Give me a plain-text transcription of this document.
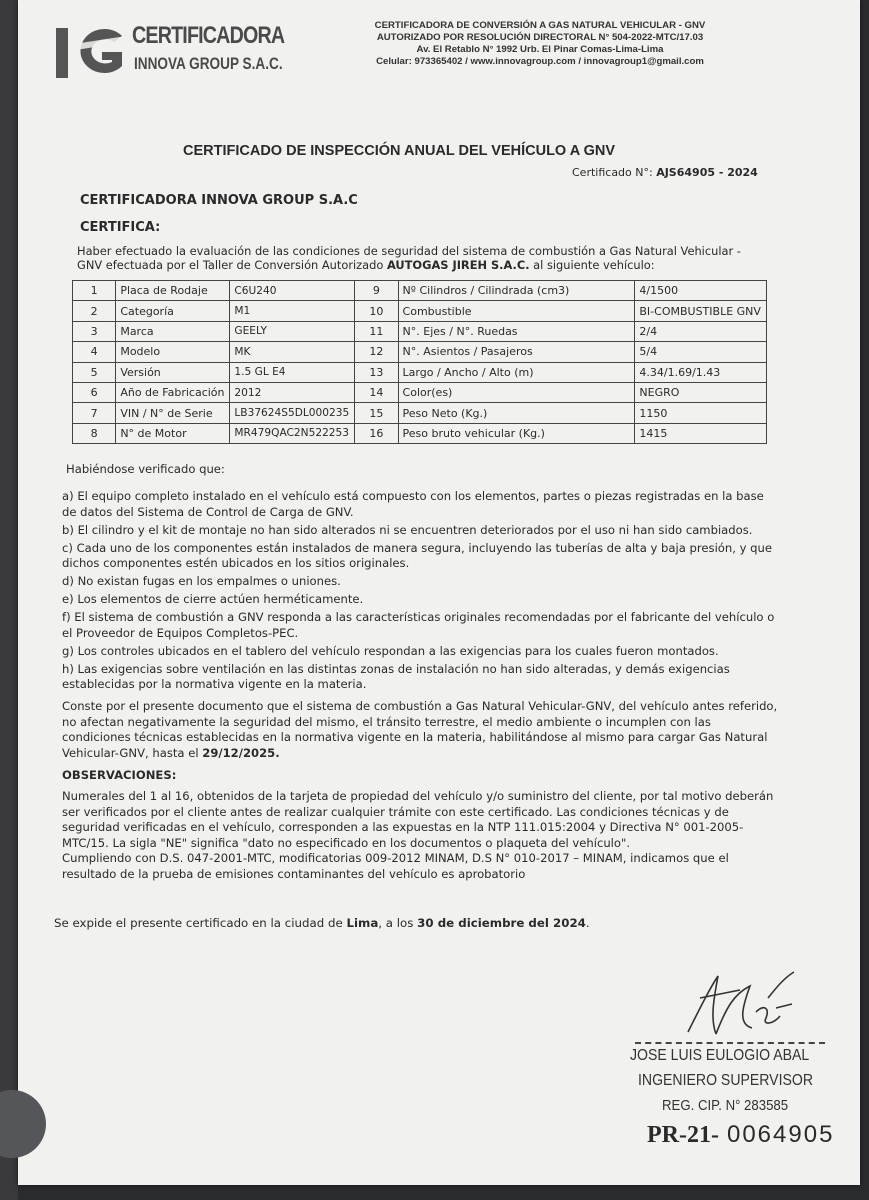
CERTIFICADORA
INNOVA GROUP S.A.C.
CERTIFICADORA DE CONVERSIÓN A GAS NATURAL VEHICULAR - GNV
AUTORIZADO POR RESOLUCIÓN DIRECTORAL N° 504-2022-MTC/17.03
Av. El Retablo N° 1992 Urb. El Pinar Comas-Lima-Lima
Celular: 973365402 / www.innovagroup.com / innovagroup1@gmail.com
CERTIFICADO DE INSPECCIÓN ANUAL DEL VEHÍCULO A GNV
Certificado N°: AJS64905 - 2024
CERTIFICADORA INNOVA GROUP S.A.C
CERTIFICA:
Haber efectuado la evaluación de las condiciones de seguridad del sistema de combustión a Gas Natural Vehicular - GNV efectuada por el Taller de Conversión Autorizado AUTOGAS JIREH S.A.C. al siguiente vehículo:
1	Placa de Rodaje	C6U240	9	Nº Cilindros / Cilindrada (cm3)	4/1500
2	Categoría	M1	10	Combustible	BI-COMBUSTIBLE GNV
3	Marca	GEELY	11	N°. Ejes / N°. Ruedas	2/4
4	Modelo	MK	12	N°. Asientos / Pasajeros	5/4
5	Versión	1.5 GL E4	13	Largo / Ancho / Alto (m)	4.34/1.69/1.43
6	Año de Fabricación	2012	14	Color(es)	NEGRO
7	VIN / N° de Serie	LB37624S5DL000235	15	Peso Neto (Kg.)	1150
8	N° de Motor	MR479QAC2N522253	16	Peso bruto vehicular (Kg.)	1415

Habiéndose verificado que:

a) El equipo completo instalado en el vehículo está compuesto con los elementos, partes o piezas registradas en la base de datos del Sistema de Control de Carga de GNV.

b) El cilindro y el kit de montaje no han sido alterados ni se encuentren deteriorados por el uso ni han sido cambiados.

c) Cada uno de los componentes están instalados de manera segura, incluyendo las tuberías de alta y baja presión, y que dichos componentes estén ubicados en los sitios originales.

d) No existan fugas en los empalmes o uniones.

e) Los elementos de cierre actúen herméticamente.

f) El sistema de combustión a GNV responda a las características originales recomendadas por el fabricante del vehículo o el Proveedor de Equipos Completos-PEC.

g) Los controles ubicados en el tablero del vehículo respondan a las exigencias para los cuales fueron montados.

h) Las exigencias sobre ventilación en las distintas zonas de instalación no han sido alteradas, y demás exigencias establecidas por la normativa vigente en la materia.

Conste por el presente documento que el sistema de combustión a Gas Natural Vehicular-GNV, del vehículo antes referido, no afectan negativamente la seguridad del mismo, el tránsito terrestre, el medio ambiente o incumplen con las condiciones técnicas establecidas en la normativa vigente en la materia, habilitándose al mismo para cargar Gas Natural Vehicular-GNV, hasta el 29/12/2025.

OBSERVACIONES:

Numerales del 1 al 16, obtenidos de la tarjeta de propiedad del vehículo y/o suministro del cliente, por tal motivo deberán ser verificados por el cliente antes de realizar cualquier trámite con este certificado. Las condiciones técnicas y de seguridad verificadas en el vehículo, corresponden a las expuestas en la NTP 111.015:2004 y Directiva N° 001-2005-MTC/15. La sigla "NE" significa "dato no especificado en los documentos o plaqueta del vehículo".

Cumpliendo con D.S. 047-2001-MTC, modificatorias 009-2012 MINAM, D.S N° 010-2017 – MINAM, indicamos que el resultado de la prueba de emisiones contaminantes del vehículo es aprobatorio

Se expide el presente certificado en la ciudad de Lima, a los 30 de diciembre del 2024.
JOSE LUIS EULOGIO ABAL
INGENIERO SUPERVISOR
REG. CIP. N° 283585
PR-21- 0064905
